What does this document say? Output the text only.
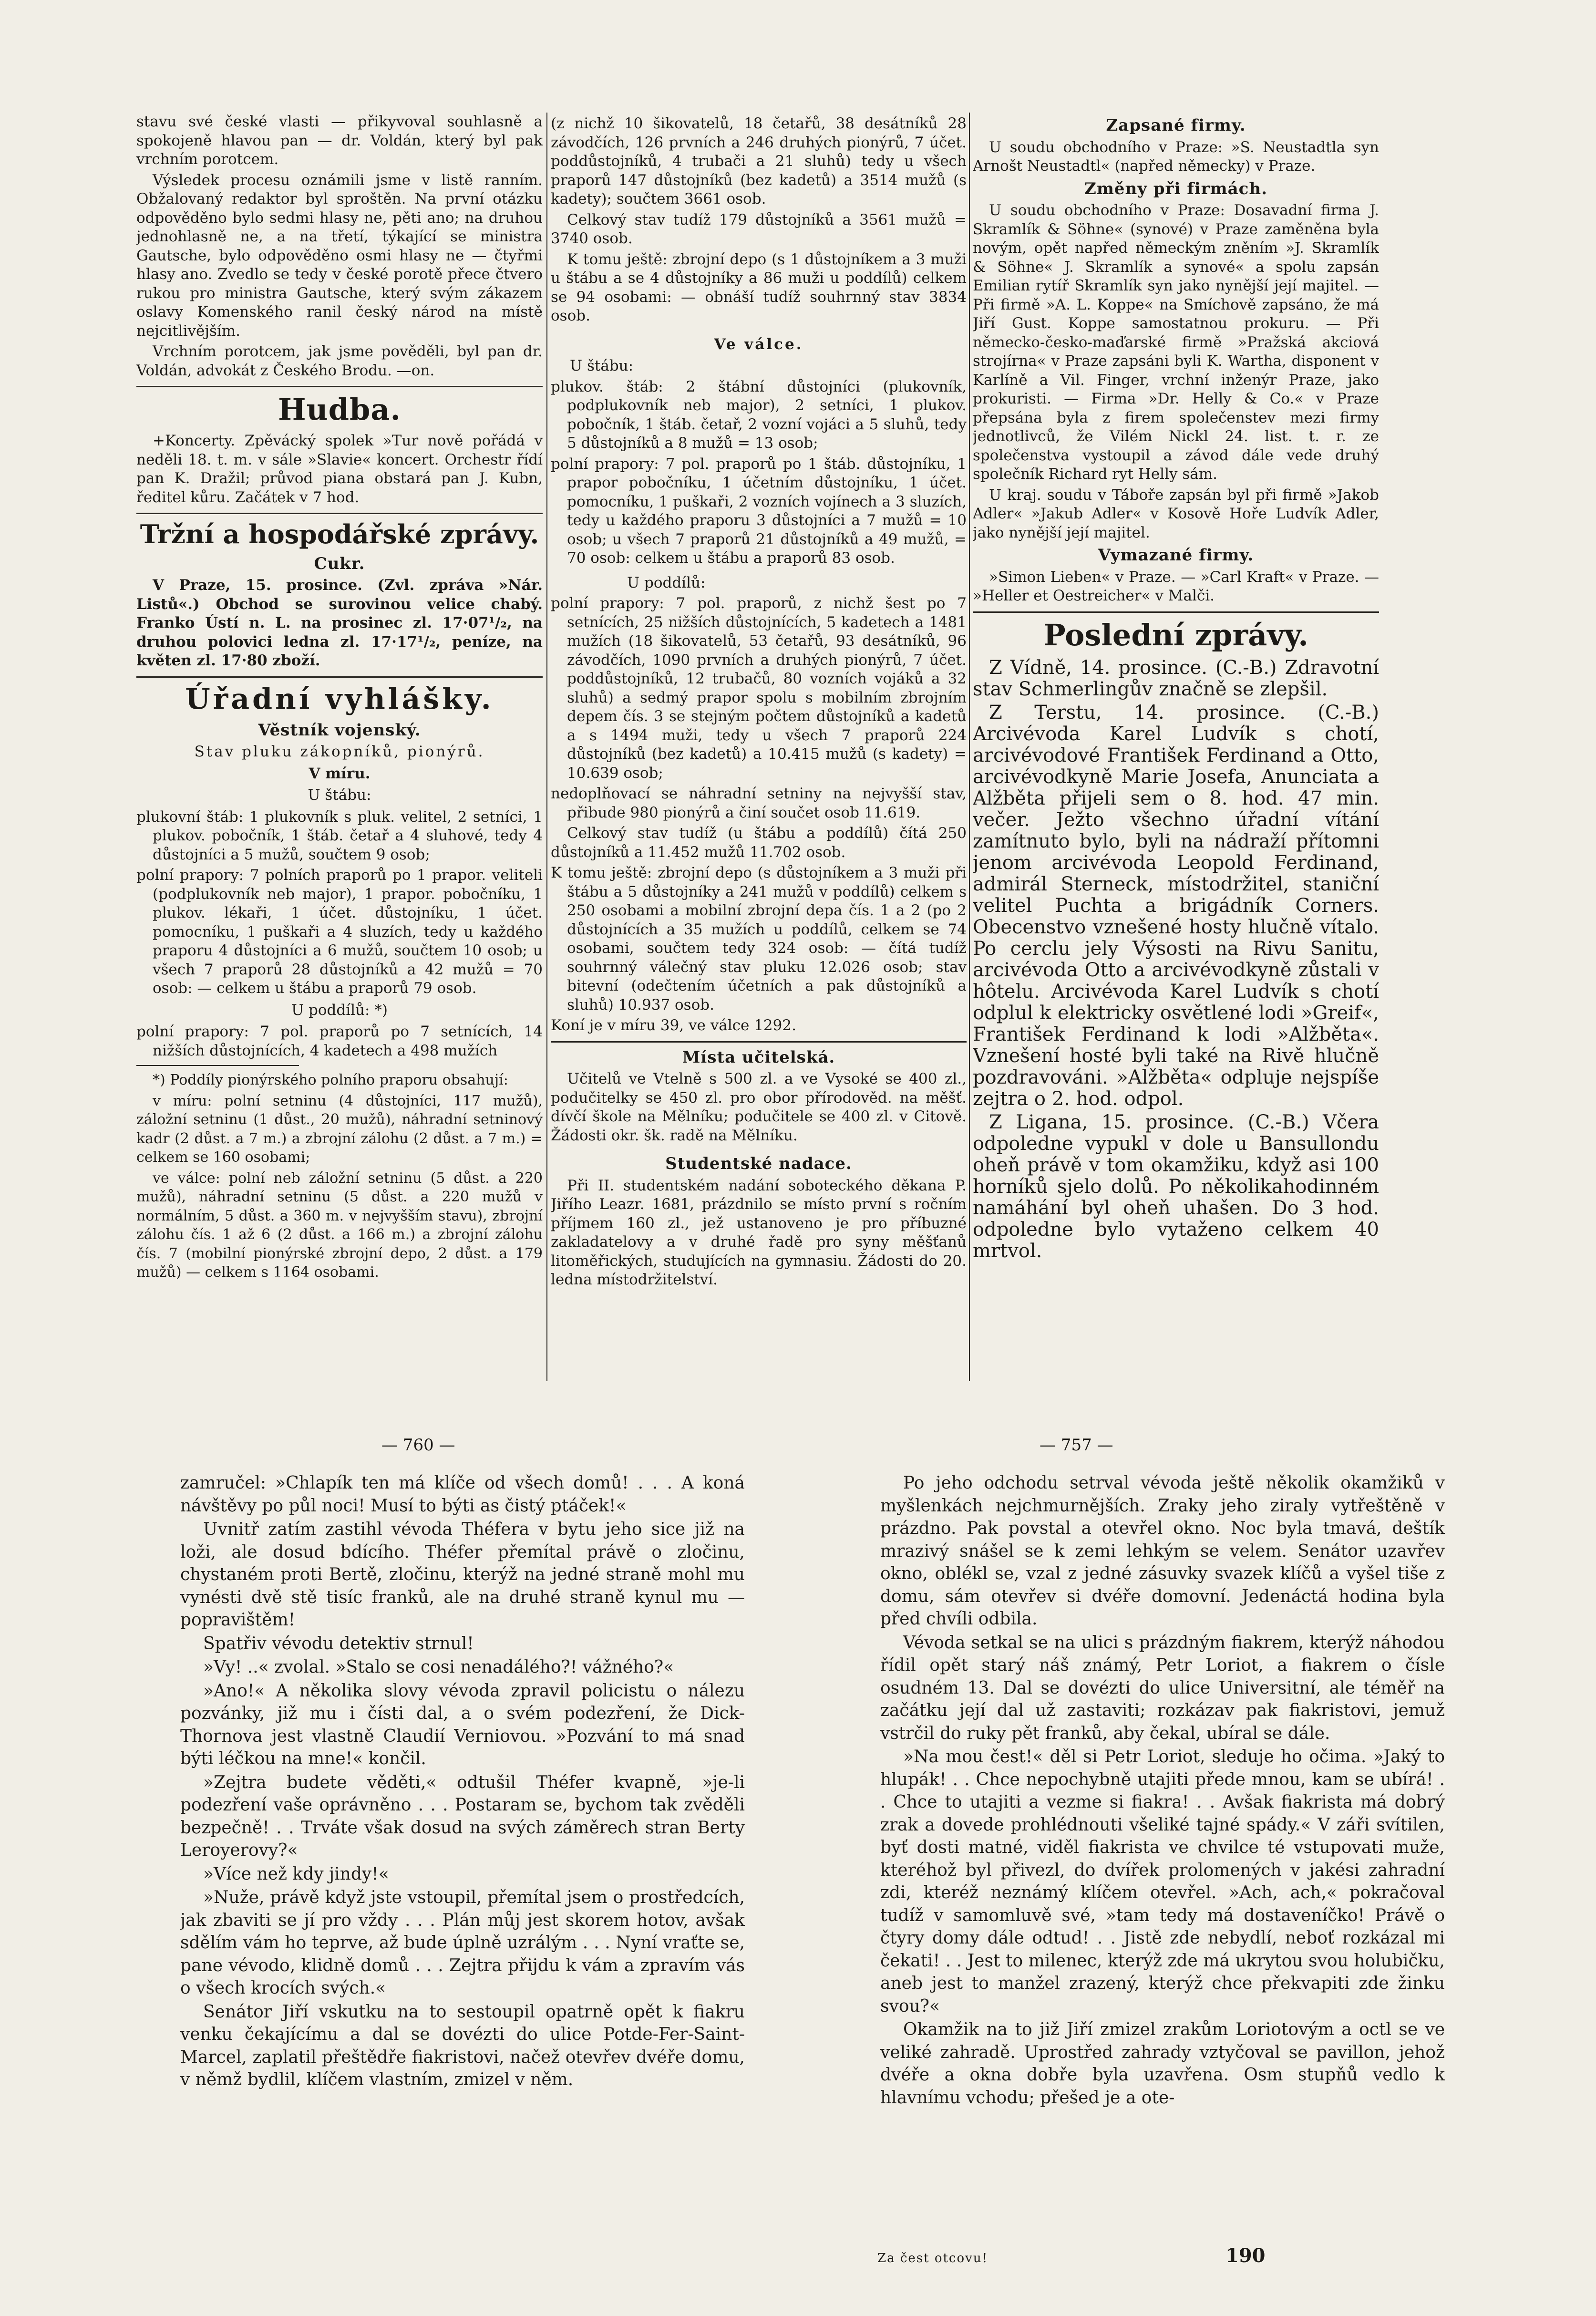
stavu své české vlasti — přikyvoval souhlasně a spokojeně hlavou pan — dr. Voldán, který byl pak vrchním porotcem.

Výsledek procesu oznámili jsme v listě ranním. Obžalovaný redaktor byl sproštěn. Na první otázku odpověděno bylo sedmi hlasy ne, pěti ano; na druhou jednohlasně ne, a na třetí, týkající se ministra Gautsche, bylo odpověděno osmi hlasy ne — čtyřmi hlasy ano. Zvedlo se tedy v české porotě přece čtvero rukou pro ministra Gautsche, který svým zákazem oslavy Komenského ranil český národ na místě nejcitlivějším.

Vrchním porotcem, jak jsme pověděli, byl pan dr. Voldán, advokát z Českého Brodu. —on.

Hudba.

+Koncerty. Zpěvácký spolek »Tur nově pořádá v neděli 18. t. m. v sále »Slavie« koncert. Orchestr řídí pan K. Dražil; průvod piana obstará pan J. Kubn, ředitel kůru. Začátek v 7 hod.

Tržní a hospodářské zprávy.
Cukr.

V Praze, 15. prosince. (Zvl. zpráva »Nár. Listů«.) Obchod se surovinou velice chabý. Franko Ústí n. L. na prosinec zl. 17·07¹/₂, na druhou polovici ledna zl. 17·17¹/₂, peníze, na květen zl. 17·80 zboží.

Úřadní vyhlášky.
Věstník vojenský.
Stav pluku zákopníků, pionýrů.
V míru.
U štábu:

plukovní štáb: 1 plukovník s pluk. velitel, 2 setníci, 1 plukov. pobočník, 1 štáb. četař a 4 sluhové, tedy 4 důstojníci a 5 mužů, součtem 9 osob;

polní prapory: 7 polních praporů po 1 prapor. veliteli (podplukovník neb major), 1 prapor. pobočníku, 1 plukov. lékaři, 1 účet. důstojníku, 1 účet. pomocníku, 1 puškaři a 4 sluzích, tedy u každého praporu 4 důstojníci a 6 mužů, součtem 10 osob; u všech 7 praporů 28 důstojníků a 42 mužů = 70 osob: — celkem u štábu a praporů 79 osob.

U poddílů: *)

polní prapory: 7 pol. praporů po 7 setnících, 14 nižších důstojnících, 4 kadetech a 498 mužích

*) Poddíly pionýrského polního praporu obsahují:

v míru: polní setninu (4 důstojníci, 117 mužů), záložní setninu (1 důst., 20 mužů), náhradní setninový kadr (2 důst. a 7 m.) a zbrojní zálohu (2 důst. a 7 m.) = celkem se 160 osobami;

ve válce: polní neb záložní setninu (5 důst. a 220 mužů), náhradní setninu (5 důst. a 220 mužů v normálním, 5 důst. a 360 m. v nejvyšším stavu), zbrojní zálohu čís. 1 až 6 (2 důst. a 166 m.) a zbrojní zálohu čís. 7 (mobilní pionýrské zbrojní depo, 2 důst. a 179 mužů) — celkem s 1164 osobami.

(z nichž 10 šikovatelů, 18 četařů, 38 desátníků 28 závodčích, 126 prvních a 246 druhých pionýrů, 7 účet. poddůstojníků, 4 trubači a 21 sluhů) tedy u všech praporů 147 důstojníků (bez kadetů) a 3514 mužů (s kadety); součtem 3661 osob.

Celkový stav tudíž 179 důstojníků a 3561 mužů = 3740 osob.

K tomu ještě: zbrojní depo (s 1 důstojníkem a 3 muži u štábu a se 4 důstojníky a 86 muži u poddílů) celkem se 94 osobami: — obnáší tudíž souhrnný stav 3834 osob.

Ve válce.
U štábu:

plukov. štáb: 2 štábní důstojníci (plukovník, podplukovník neb major), 2 setníci, 1 plukov. pobočník, 1 štáb. četař, 2 vozní vojáci a 5 sluhů, tedy 5 důstojníků a 8 mužů = 13 osob;

polní prapory: 7 pol. praporů po 1 štáb. důstojníku, 1 prapor pobočníku, 1 účetním důstojníku, 1 účet. pomocníku, 1 puškaři, 2 vozních vojínech a 3 sluzích, tedy u každého praporu 3 důstojníci a 7 mužů = 10 osob; u všech 7 praporů 21 důstojníků a 49 mužů, = 70 osob: celkem u štábu a praporů 83 osob.

U poddílů:

polní prapory: 7 pol. praporů, z nichž šest po 7 setnících, 25 nižších důstojnících, 5 kadetech a 1481 mužích (18 šikovatelů, 53 četařů, 93 desátníků, 96 závodčích, 1090 prvních a druhých pionýrů, 7 účet. poddůstojníků, 12 trubačů, 80 vozních vojáků a 32 sluhů) a sedmý prapor spolu s mobilním zbrojním depem čís. 3 se stejným počtem důstojníků a kadetů a s 1494 muži, tedy u všech 7 praporů 224 důstojníků (bez kadetů) a 10.415 mužů (s kadety) = 10.639 osob;

nedoplňovací se náhradní setniny na nejvyšší stav, přibude 980 pionýrů a činí součet osob 11.619.

Celkový stav tudíž (u štábu a poddílů) čítá 250 důstojníků a 11.452 mužů 11.702 osob.

K tomu ještě: zbrojní depo (s důstojníkem a 3 muži při štábu a 5 důstojníky a 241 mužů v poddílů) celkem s 250 osobami a mobilní zbrojní depa čís. 1 a 2 (po 2 důstojnících a 35 mužích u poddílů, celkem se 74 osobami, součtem tedy 324 osob: — čítá tudíž souhrnný válečný stav pluku 12.026 osob; stav bitevní (odečtením účetních a pak důstojníků a sluhů) 10.937 osob.

Koní je v míru 39, ve válce 1292.

Místa učitelská.

Učitelů ve Vtelně s 500 zl. a ve Vysoké se 400 zl., podučitelky se 450 zl. pro obor přírodověd. na měšť. dívčí škole na Mělníku; podučitele se 400 zl. v Citově. Žádosti okr. šk. radě na Mělníku.

Studentské nadace.

Při II. studentském nadání soboteckého děkana P. Jiřího Leazr. 1681, prázdnilo se místo první s ročním příjmem 160 zl., jež ustanoveno je pro příbuzné zakladatelovy a v druhé řadě pro syny měšťanů litoměřických, studujících na gymnasiu. Žádosti do 20. ledna místodržitelství.

Zapsané firmy.

U soudu obchodního v Praze: »S. Neustadtla syn Arnošt Neustadtl« (napřed německy) v Praze.

Změny při firmách.

U soudu obchodního v Praze: Dosavadní firma J. Skramlík & Söhne« (synové) v Praze zaměněna byla novým, opět napřed německým zněním »J. Skramlík & Söhne« J. Skramlík a synové« a spolu zapsán Emilian rytíř Skramlík syn jako nynější její majitel. — Při firmě »A. L. Koppe« na Smíchově zapsáno, že má Jiří Gust. Koppe samostatnou prokuru. — Při německo-česko-maďarské firmě »Pražská akciová strojírna« v Praze zapsáni byli K. Wartha, disponent v Karlíně a Vil. Finger, vrchní inženýr Praze, jako prokuristi. — Firma »Dr. Helly & Co.« v Praze přepsána byla z firem společenstev mezi firmy jednotlivců, že Vilém Nickl 24. list. t. r. ze společenstva vystoupil a závod dále vede druhý společník Richard ryt Helly sám.

U kraj. soudu v Táboře zapsán byl při firmě »Jakob Adler« »Jakub Adler« v Kosově Hoře Ludvík Adler, jako nynější její majitel.

Vymazané firmy.

»Simon Lieben« v Praze. — »Carl Kraft« v Praze. — »Heller et Oestreicher« v Malči.

Poslední zprávy.

Z Vídně, 14. prosince. (C.-B.) Zdravotní stav Schmerlingův značně se zlepšil.

Z Terstu, 14. prosince. (C.-B.) Arcivévoda Karel Ludvík s chotí, arcivévodové František Ferdinand a Otto, arcivévodkyně Marie Josefa, Anunciata a Alžběta přijeli sem o 8. hod. 47 min. večer. Ježto všechno úřadní vítání zamítnuto bylo, byli na nádraží přítomni jenom arcivévoda Leopold Ferdinand, admirál Sterneck, místodržitel, staniční velitel Puchta a brigádník Corners. Obecenstvo vznešené hosty hlučně vítalo. Po cerclu jely Výsosti na Rivu Sanitu, arcivévoda Otto a arcivévodkyně zůstali v hôtelu. Arcivévoda Karel Ludvík s chotí odplul k elektricky osvětlené lodi »Greif«, František Ferdinand k lodi »Alžběta«. Vznešení hosté byli také na Rivě hlučně pozdravováni. »Alžběta« odpluje nejspíše zejtra o 2. hod. odpol.

Z Ligana, 15. prosince. (C.-B.) Včera odpoledne vypukl v dole u Bansullondu oheň právě v tom okamžiku, když asi 100 horníků sjelo dolů. Po několikahodinném namáhání byl oheň uhašen. Do 3 hod. odpoledne bylo vytaženo celkem 40 mrtvol.

— 760 —	— 757 —

zamručel: »Chlapík ten má klíče od všech domů! . . . A koná návštěvy po půl noci! Musí to býti as čistý ptáček!«

Uvnitř zatím zastihl vévoda Théfera v bytu jeho sice již na loži, ale dosud bdícího. Théfer přemítal právě o zločinu, chystaném proti Bertě, zločinu, kterýž na jedné straně mohl mu vynésti dvě stě tisíc franků, ale na druhé straně kynul mu — popravištěm!

Spatřiv vévodu detektiv strnul!

»Vy! ..« zvolal. »Stalo se cosi nenadálého?! vážného?«

»Ano!« A několika slovy vévoda zpravil policistu o nálezu pozvánky, již mu i čísti dal, a o svém podezření, že Dick-Thornova jest vlastně Claudií Verniovou. »Pozvání to má snad býti léčkou na mne!« končil.

»Zejtra budete věděti,« odtušil Théfer kvapně, »je-li podezření vaše oprávněno . . . Postaram se, bychom tak zvěděli bezpečně! . . Trváte však dosud na svých záměrech stran Berty Leroyerovy?«

»Více než kdy jindy!«

»Nuže, právě když jste vstoupil, přemítal jsem o prostředcích, jak zbaviti se jí pro vždy . . . Plán můj jest skorem hotov, avšak sdělím vám ho teprve, až bude úplně uzrálým . . . Nyní vraťte se, pane vévodo, klidně domů . . . Zejtra přijdu k vám a zpravím vás o všech krocích svých.«

Senátor Jiří vskutku na to sestoupil opatrně opět k fiakru venku čekajícímu a dal se dovézti do ulice Potde-Fer-Saint-Marcel, zaplatil přeštědře fiakristovi, načež otevřev dvéře domu, v němž bydlil, klíčem vlastním, zmizel v něm.

Po jeho odchodu setrval vévoda ještě několik okamžiků v myšlenkách nejchmurnějších. Zraky jeho ziraly vytřeštěně v prázdno. Pak povstal a otevřel okno. Noc byla tmavá, deštík mrazivý snášel se k zemi lehkým se velem. Senátor uzavřev okno, oblékl se, vzal z jedné zásuvky svazek klíčů a vyšel tiše z domu, sám otevřev si dvéře domovní. Jedenáctá hodina byla před chvíli odbila.

Vévoda setkal se na ulici s prázdným fiakrem, kterýž náhodou řídil opět starý náš známý, Petr Loriot, a fiakrem o čísle osudném 13. Dal se dovézti do ulice Universitní, ale téměř na začátku její dal už zastaviti; rozkázav pak fiakristovi, jemuž vstrčil do ruky pět franků, aby čekal, ubíral se dále.

»Na mou čest!« děl si Petr Loriot, sleduje ho očima. »Jaký to hlupák! . . Chce nepochybně utajiti přede mnou, kam se ubírá! . . Chce to utajiti a vezme si fiakra! . . Avšak fiakrista má dobrý zrak a dovede prohlédnouti všeliké tajné spády.« V záři svítilen, byť dosti matné, viděl fiakrista ve chvilce té vstupovati muže, kteréhož byl přivezl, do dvířek prolomených v jakési zahradní zdi, kteréž neznámý klíčem otevřel. »Ach, ach,« pokračoval tudíž v samomluvě své, »tam tedy má dostaveníčko! Právě o čtyry domy dále odtud! . . Jistě zde nebydlí, neboť rozkázal mi čekati! . . Jest to milenec, kterýž zde má ukrytou svou holubičku, aneb jest to manžel zrazený, kterýž chce překvapiti zde žinku svou?«

Okamžik na to již Jiří zmizel zrakům Loriotovým a octl se ve veliké zahradě. Uprostřed zahrady vztyčoval se pavillon, jehož dvéře a okna dobře byla uzavřena. Osm stupňů vedlo k hlavnímu vchodu; přešed je a ote-

Za čest otcovu!	190
